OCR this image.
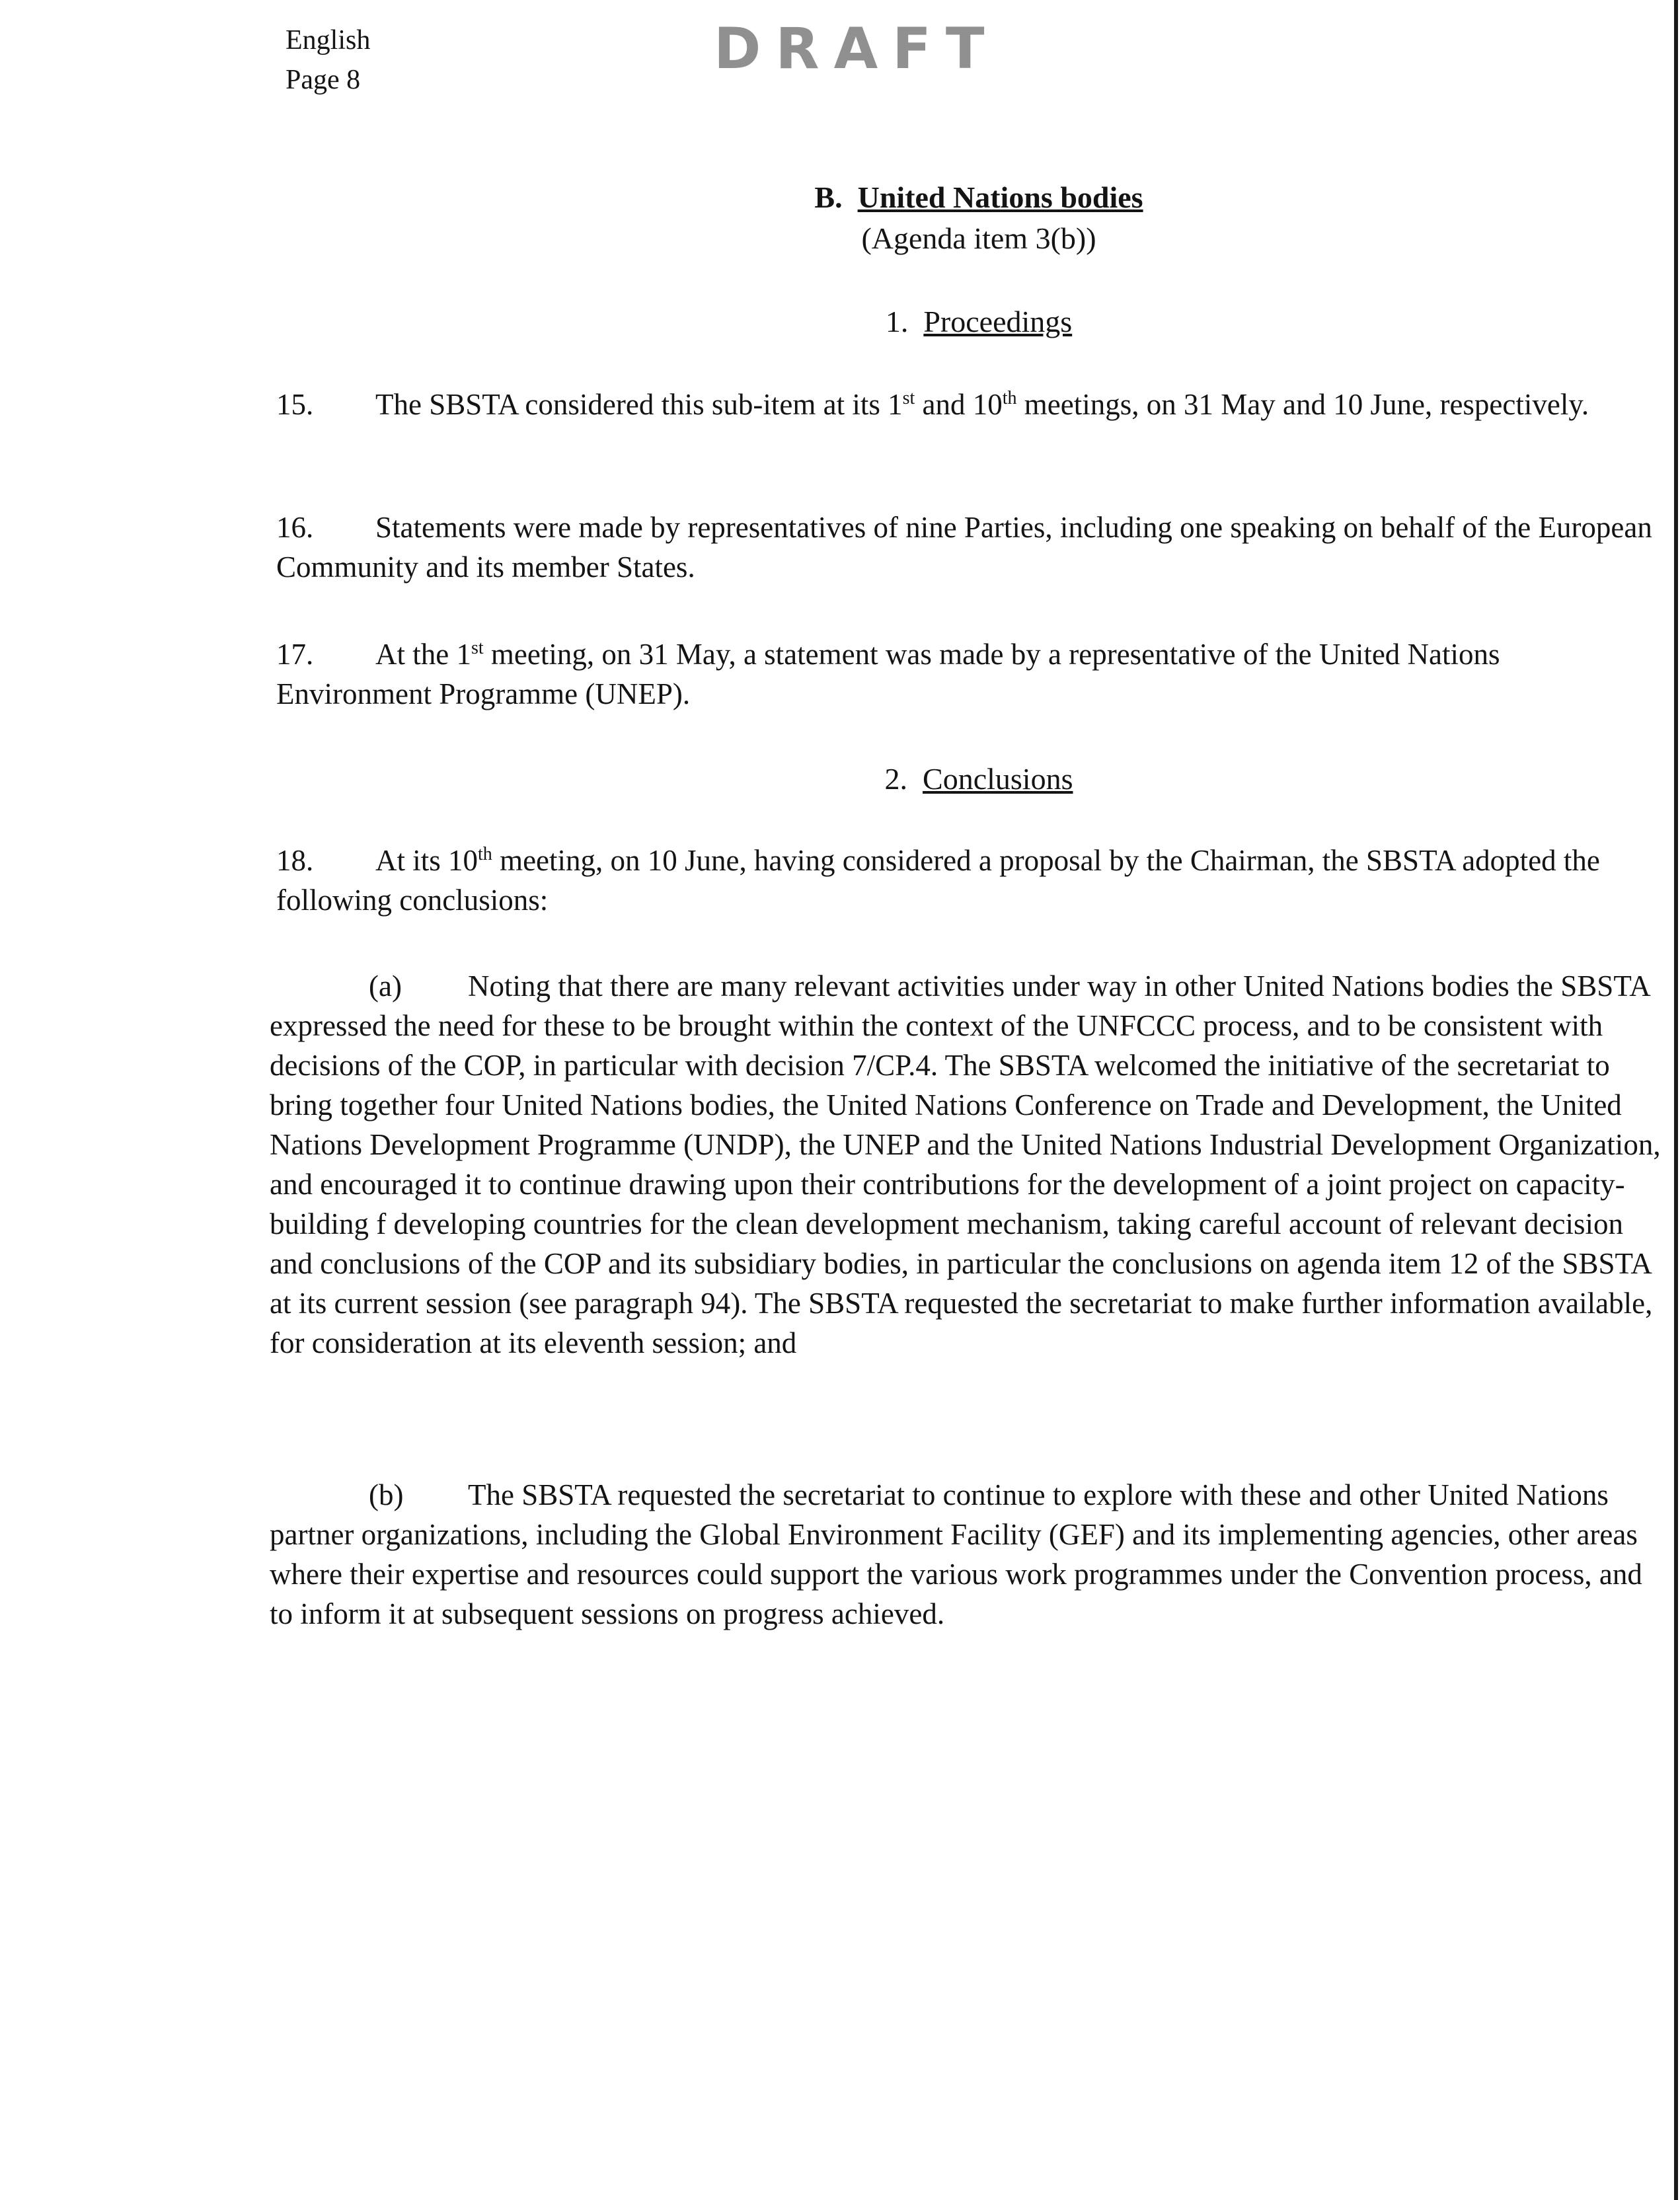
English
Page 8	DRAFT
B. United Nations bodies
(Agenda item 3(b))
1. Proceedings
15. The SBSTA considered this sub-item at its 1st and 10th meetings, on 31 May and 10 June, respectively.
16. Statements were made by representatives of nine Parties, including one speaking on behalf of the European Community and its member States.
17. At the 1st meeting, on 31 May, a statement was made by a representative of the United Nations Environment Programme (UNEP).
2. Conclusions
18. At its 10th meeting, on 10 June, having considered a proposal by the Chairman, the SBSTA adopted the following conclusions:
(a) Noting that there are many relevant activities under way in other United Nations bodies the SBSTA expressed the need for these to be brought within the context of the UNFCCC process, and to be consistent with decisions of the COP, in particular with decision 7/CP.4. The SBSTA welcomed the initiative of the secretariat to bring together four United Nations bodies, the United Nations Conference on Trade and Development, the United Nations Development Programme (UNDP), the UNEP and the United Nations Industrial Development Organization, and encouraged it to continue drawing upon their contributions for the development of a joint project on capacity-building f developing countries for the clean development mechanism, taking careful account of relevant decision and conclusions of the COP and its subsidiary bodies, in particular the conclusions on agenda item 12 of the SBSTA at its current session (see paragraph 94). The SBSTA requested the secretariat to make further information available, for consideration at its eleventh session; and
(b) The SBSTA requested the secretariat to continue to explore with these and other United Nations partner organizations, including the Global Environment Facility (GEF) and its implementing agencies, other areas where their expertise and resources could support the various work programmes under the Convention process, and to inform it at subsequent sessions on progress achieved.
